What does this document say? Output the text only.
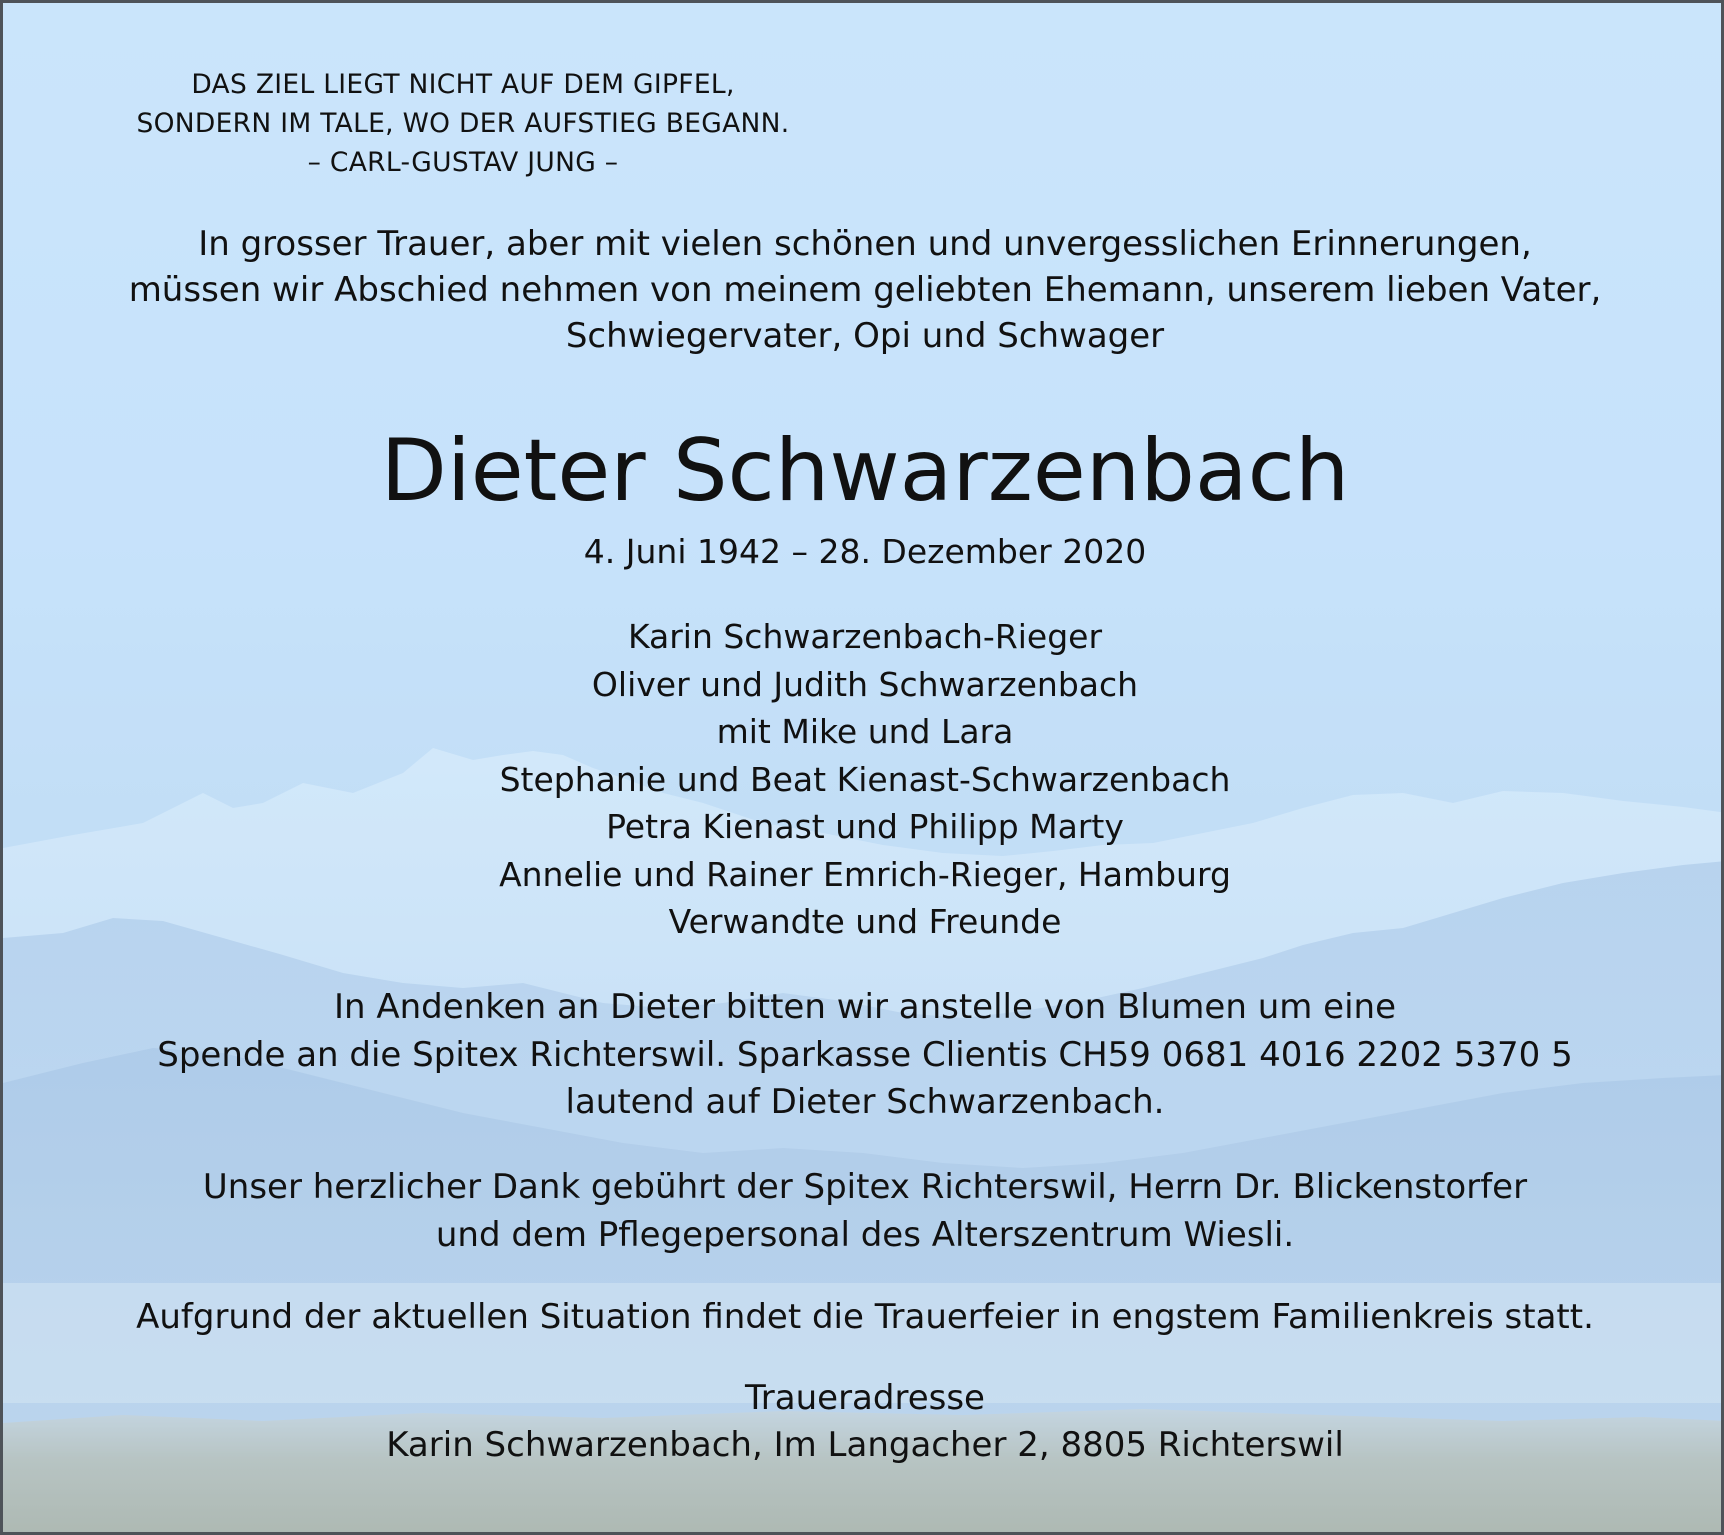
DAS ZIEL LIEGT NICHT AUF DEM GIPFEL,
SONDERN IM TALE, WO DER AUFSTIEG BEGANN.
– CARL-GUSTAV JUNG –
In grosser Trauer, aber mit vielen schönen und unvergesslichen Erinnerungen,
müssen wir Abschied nehmen von meinem geliebten Ehemann, unserem lieben Vater,
Schwiegervater, Opi und Schwager
Dieter Schwarzenbach
4. Juni 1942 – 28. Dezember 2020
Karin Schwarzenbach-Rieger
Oliver und Judith Schwarzenbach
mit Mike und Lara
Stephanie und Beat Kienast-Schwarzenbach
Petra Kienast und Philipp Marty
Annelie und Rainer Emrich-Rieger, Hamburg
Verwandte und Freunde
In Andenken an Dieter bitten wir anstelle von Blumen um eine
Spende an die Spitex Richterswil. Sparkasse Clientis CH59 0681 4016 2202 5370 5
lautend auf Dieter Schwarzenbach.
Unser herzlicher Dank gebührt der Spitex Richterswil, Herrn Dr. Blickenstorfer
und dem Pflegepersonal des Alterszentrum Wiesli.
Aufgrund der aktuellen Situation findet die Trauerfeier in engstem Familienkreis statt.
Traueradresse
Karin Schwarzenbach, Im Langacher 2, 8805 Richterswil
